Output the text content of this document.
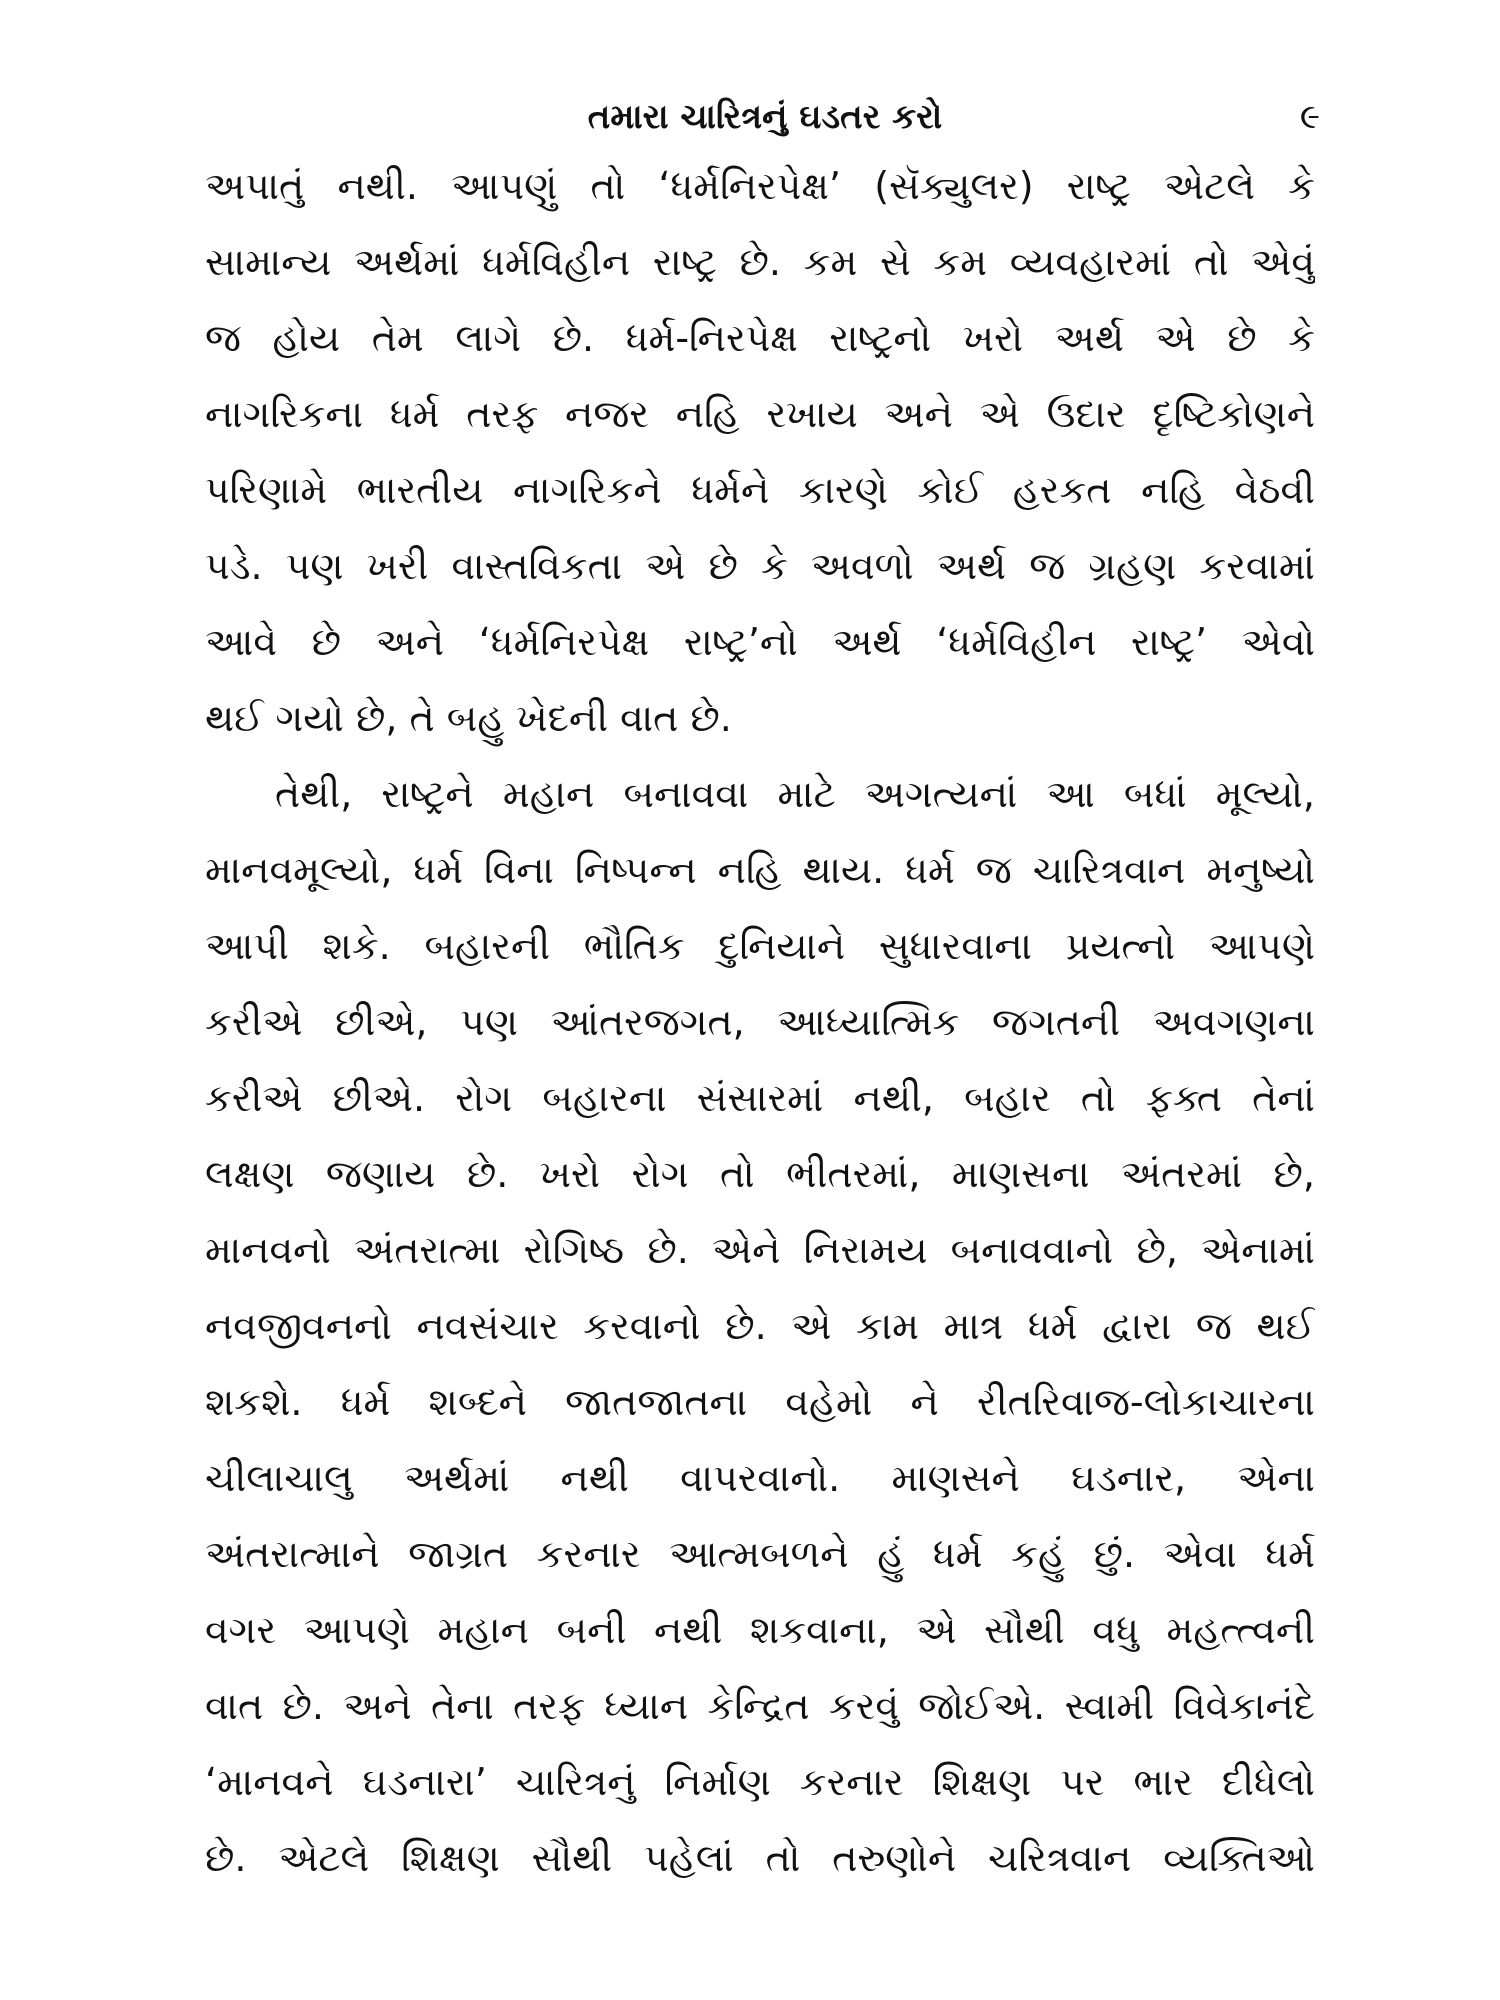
તમારા ચારિત્રનું ઘડતર કરો	૯
અપાતું નથી. આપણું તો ‘ધર્મનિરપેક્ષ’ (સૅક્યુલર) રાષ્ટ્ર એટલે કે
સામાન્ય અર્થમાં ધર્મવિહીન રાષ્ટ્ર છે. કમ સે કમ વ્યવહારમાં તો એવું
જ હોય તેમ લાગે છે. ધર્મ-નિરપેક્ષ રાષ્ટ્રનો ખરો અર્થ એ છે કે
નાગરિકના ધર્મ તરફ નજર નહિ રખાય અને એ ઉદાર દૃષ્ટિકોણને
પરિણામે ભારતીય નાગરિકને ધર્મને કારણે કોઈ હરકત નહિ વેઠવી
પડે. પણ ખરી વાસ્તવિકતા એ છે કે અવળો અર્થ જ ગ્રહણ કરવામાં
આવે છે અને ‘ધર્મનિરપેક્ષ રાષ્ટ્ર’નો અર્થ ‘ધર્મવિહીન રાષ્ટ્ર’ એવો
થઈ ગયો છે, તે બહુ ખેદની વાત છે.
તેથી, રાષ્ટ્રને મહાન બનાવવા માટે અગત્યનાં આ બધાં મૂલ્યો,
માનવમૂલ્યો, ધર્મ વિના નિષ્પન્ન નહિ થાય. ધર્મ જ ચારિત્રવાન મનુષ્યો
આપી શકે. બહારની ભૌતિક દુનિયાને સુધારવાના પ્રયત્નો આપણે
કરીએ છીએ, પણ આંતરજગત, આધ્યાત્મિક જગતની અવગણના
કરીએ છીએ. રોગ બહારના સંસારમાં નથી, બહાર તો ફક્ત તેનાં
લક્ષણ જણાય છે. ખરો રોગ તો ભીતરમાં, માણસના અંતરમાં છે,
માનવનો અંતરાત્મા રોગિષ્ઠ છે. એને નિરામય બનાવવાનો છે, એનામાં
નવજીવનનો નવસંચાર કરવાનો છે. એ કામ માત્ર ધર્મ દ્વારા જ થઈ
શકશે. ધર્મ શબ્દને જાતજાતના વહેમો ને રીતરિવાજ-લોકાચારના
ચીલાચાલુ અર્થમાં નથી વાપરવાનો. માણસને ઘડનાર, એના
અંતરાત્માને જાગ્રત કરનાર આત્મબળને હું ધર્મ કહું છું. એવા ધર્મ
વગર આપણે મહાન બની નથી શકવાના, એ સૌથી વધુ મહત્ત્વની
વાત છે. અને તેના તરફ ધ્યાન કેન્દ્રિત કરવું જોઈએ. સ્વામી વિવેકાનંદે
‘માનવને ઘડનારા’ ચારિત્રનું નિર્માણ કરનાર શિક્ષણ પર ભાર દીધેલો
છે. એટલે શિક્ષણ સૌથી પહેલાં તો તરુણોને ચરિત્રવાન વ્યક્તિઓ
